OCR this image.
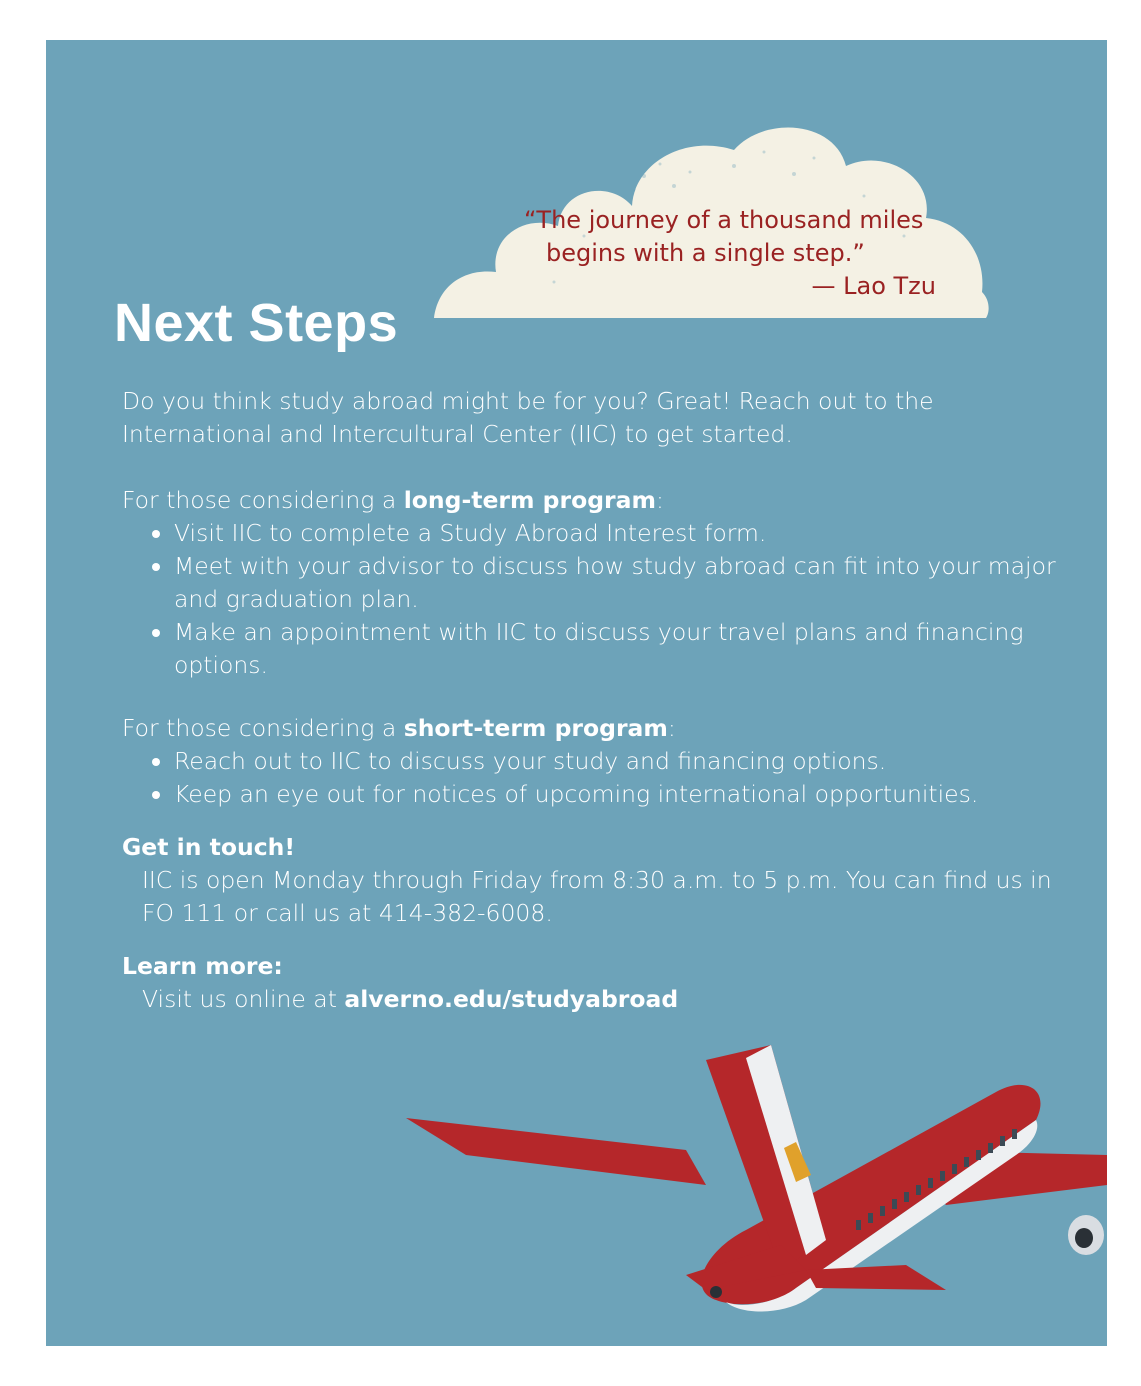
“The journey of a thousand miles
begins with a single step.”
— Lao Tzu
Next Steps

Do you think study abroad might be for you? Great! Reach out to the International and Intercultural Center (IIC) to get started.

For those considering a long-term program:

Visit IIC to complete a Study Abroad Interest form.
Meet with your advisor to discuss how study abroad can fit into your major and graduation plan.
Make an appointment with IIC to discuss your travel plans and financing options.

For those considering a short-term program:

Reach out to IIC to discuss your study and financing options.
Keep an eye out for notices of upcoming international opportunities.

Get in touch!

IIC is open Monday through Friday from 8:30 a.m. to 5 p.m. You can find us in FO 111 or call us at 414-382-6008.

Learn more:

Visit us online at alverno.edu/studyabroad
